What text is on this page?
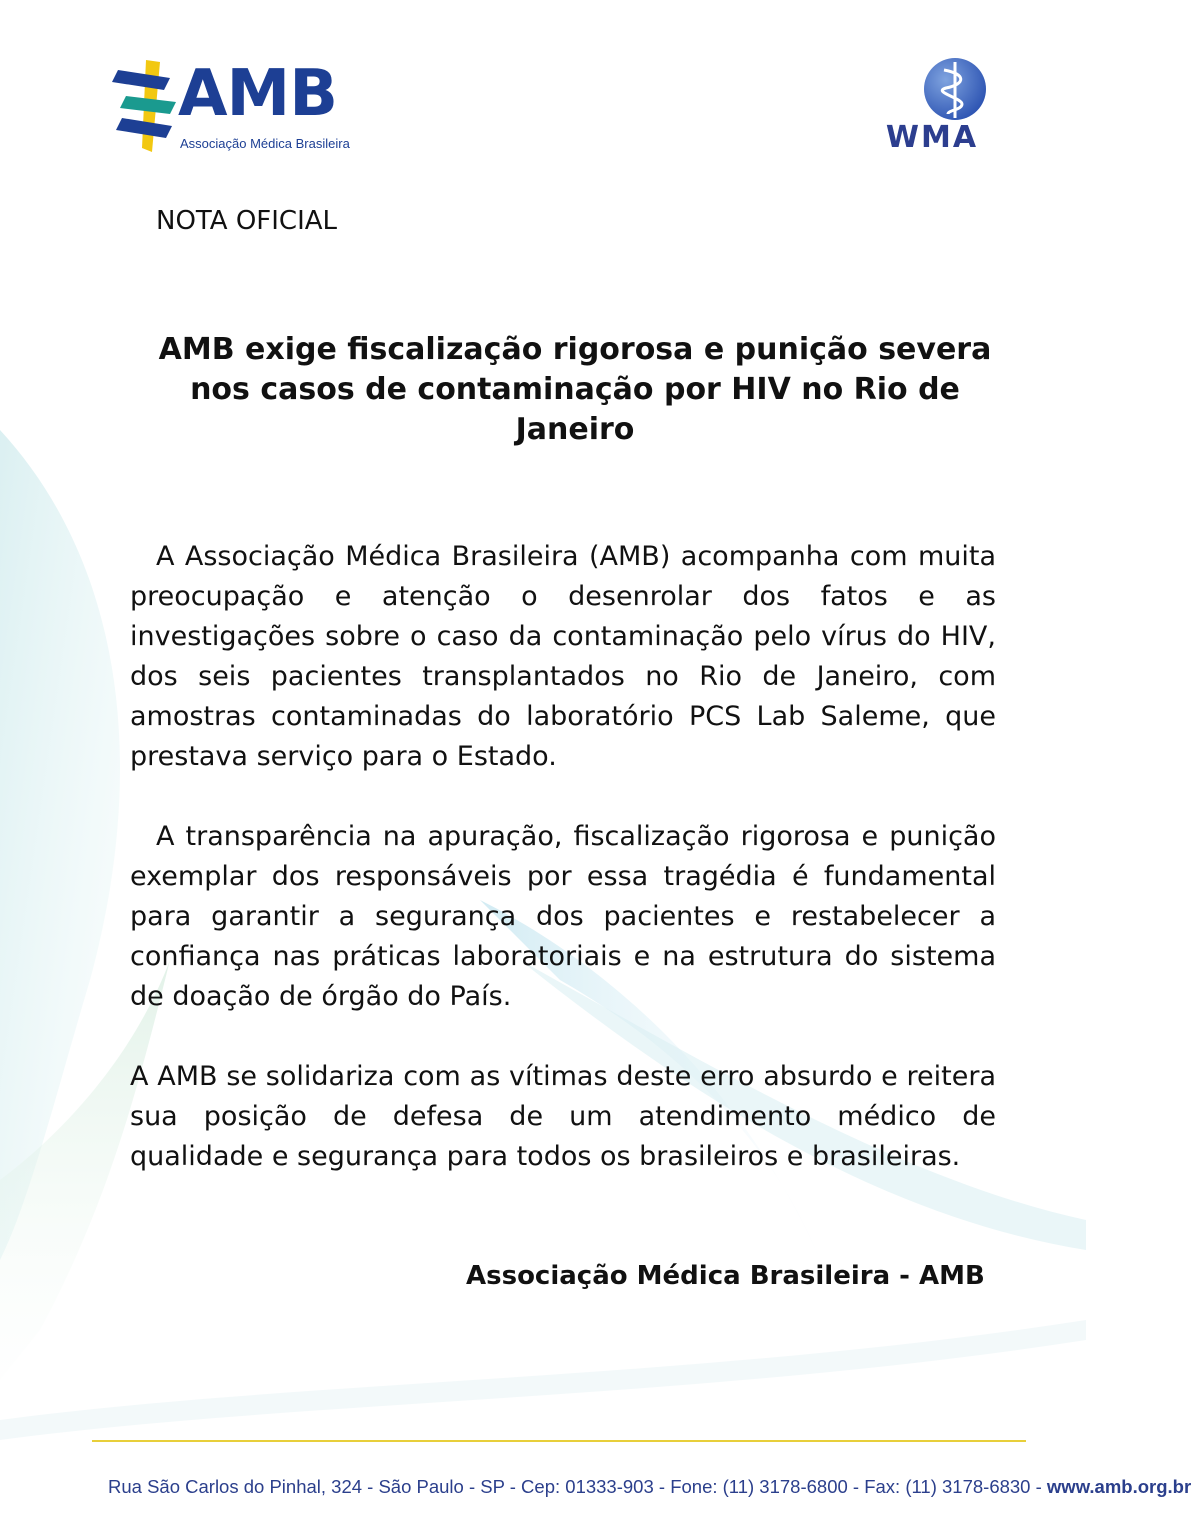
AMB
Associação Médica Brasileira	WMA
NOTA OFICIAL
AMB exige fiscalização rigorosa e punição severa nos casos de contaminação por HIV no Rio de Janeiro

A Associação Médica Brasileira (AMB) acompanha com muita preocupação e atenção o desenrolar dos fatos e as investigações sobre o caso da contaminação pelo vírus do HIV, dos seis pacientes transplantados no Rio de Janeiro, com amostras contaminadas do laboratório PCS Lab Saleme, que prestava serviço para o Estado.

A transparência na apuração, fiscalização rigorosa e punição exemplar dos responsáveis por essa tragédia é fundamental para garantir a segurança dos pacientes e restabelecer a confiança nas práticas laboratoriais e na estrutura do sistema de doação de órgão do País.

A AMB se solidariza com as vítimas deste erro absurdo e reitera sua posição de defesa de um atendimento médico de qualidade e segurança para todos os brasileiros e brasileiras.

Associação Médica Brasileira - AMB
Rua São Carlos do Pinhal, 324 - São Paulo - SP - Cep: 01333-903 - Fone: (11) 3178-6800 - Fax: (11) 3178-6830 - www.amb.org.br
